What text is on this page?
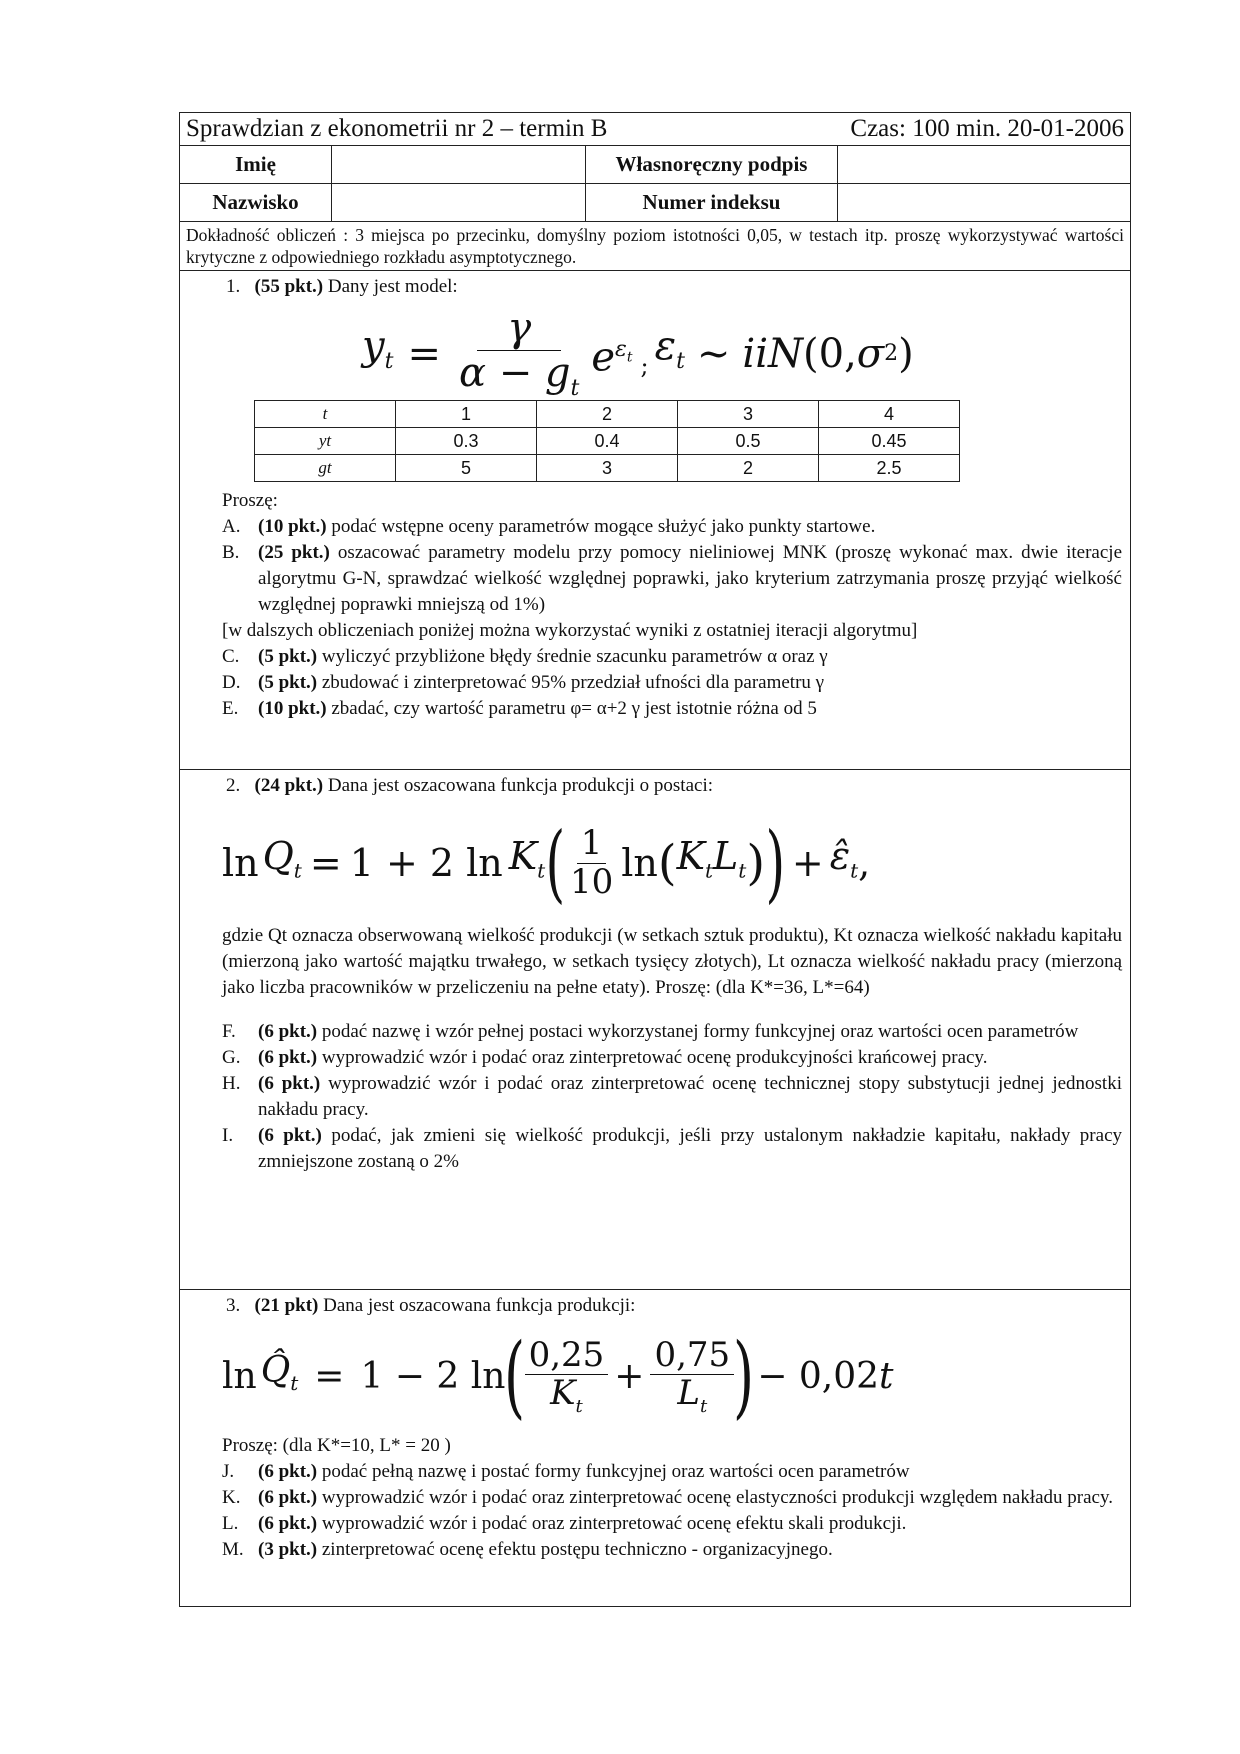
Sprawdzian z ekonometrii nr 2 – termin B	Czas: 100 min. 20-01-2006
Imię		Własnoręczny podpis	
Nazwisko		Numer indeksu	
Dokładność obliczeń : 3 miejsca po przecinku, domyślny poziom istotności 0,05, w testach itp. proszę wykorzystywać wartości krytyczne z odpowiedniego rozkładu asymptotycznego.
1. (55 pkt.) Dany jest model:
$y_t = \frac{\gamma}{\alpha - g_t} e^{\varepsilon_t}$ ; $\varepsilon_t$ ~ iiN (0, σ 2 )
t	1	2	3	4
yt	0.3	0.4	0.5	0.45
gt	5	3	2	2.5
Proszę:
A. (10 pkt.) podać wstępne oceny parametrów mogące służyć jako punkty startowe.
B. (25 pkt.) oszacować parametry modelu przy pomocy nieliniowej MNK (proszę wykonać max. dwie iteracje algorytmu G-N, sprawdzać wielkość względnej poprawki, jako kryterium zatrzymania proszę przyjąć wielkość względnej poprawki mniejszą od 1%)
[w dalszych obliczeniach poniżej można wykorzystać wyniki z ostatniej iteracji algorytmu]
C. (5 pkt.) wyliczyć przybliżone błędy średnie szacunku parametrów α oraz γ
D. (5 pkt.) zbudować i zinterpretować 95% przedział ufności dla parametru γ
E.	(10 pkt.) zbadać, czy wartość parametru φ= α+2 γ jest istotnie różna od 5
2. (24 pkt.) Dana jest oszacowana funkcja produkcji o postaci:
$\ln Q_t = 1 + 2$ $\ln K_t$ ( $\frac{1}{10}$ ln ( $K_tL_t$ ) ) + $\varepsilon̂_t$ ,
gdzie Qt oznacza obserwowaną wielkość produkcji (w setkach sztuk produktu), Kt oznacza wielkość nakładu kapitału (mierzoną jako wartość majątku trwałego, w setkach tysięcy złotych), Lt oznacza wielkość nakładu pracy (mierzoną jako liczba pracowników w przeliczeniu na pełne etaty). Proszę: (dla K*=36, L*=64)
F.	(6 pkt.) podać nazwę i wzór pełnej postaci wykorzystanej formy funkcyjnej oraz wartości ocen parametrów
G. (6 pkt.) wyprowadzić wzór i podać oraz zinterpretować ocenę produkcyjności krańcowej pracy.
H. (6 pkt.) wyprowadzić wzór i podać oraz zinterpretować ocenę technicznej stopy substytucji jednej jednostki nakładu pracy.
I.	(6 pkt.) podać, jak zmieni się wielkość produkcji, jeśli przy ustalonym nakładzie kapitału, nakłady pracy zmniejszone zostaną o 2%
3. (21 pkt) Dana jest oszacowana funkcja produkcji:
$\ln Q̂_t = 1 - 2$ ln ( $\frac{0,25}{K_t} + \frac{0,75}{L_t}$ ) − 0,02 t
Proszę: (dla K*=10, L* = 20 )
J.	(6 pkt.) podać pełną nazwę i postać formy funkcyjnej oraz wartości ocen parametrów
K. (6 pkt.) wyprowadzić wzór i podać oraz zinterpretować ocenę elastyczności produkcji względem nakładu pracy.
L.	(6 pkt.) wyprowadzić wzór i podać oraz zinterpretować ocenę efektu skali produkcji.
M. (3 pkt.) zinterpretować ocenę efektu postępu techniczno - organizacyjnego.
